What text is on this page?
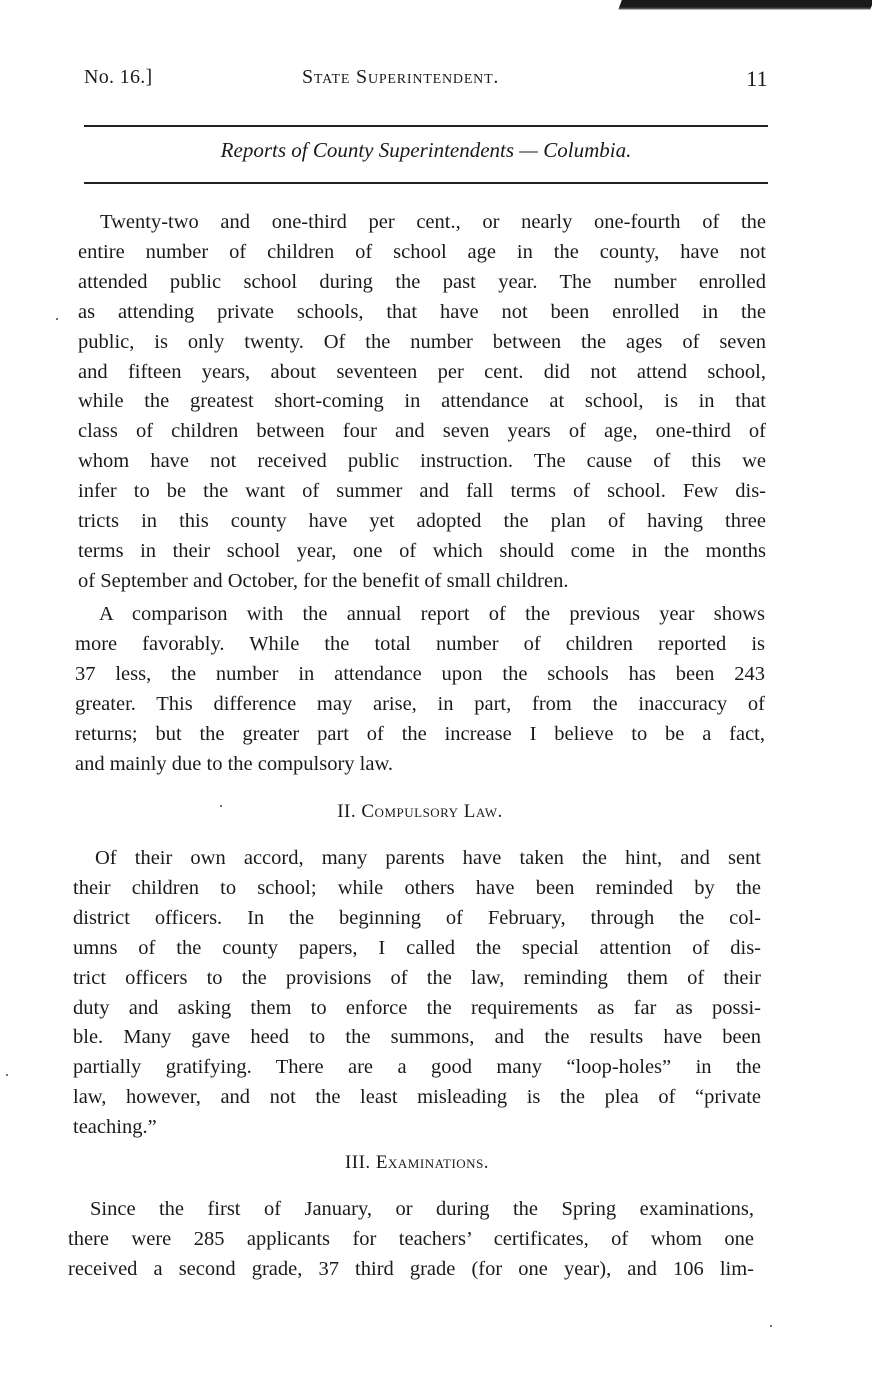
No. 16.]	State Superintendent.	11
Reports of County Superintendents — Columbia.

Twenty-two and one-third per cent., or nearly one-fourth of the
entire number of children of school age in the county, have not
attended public school during the past year. The number enrolled
as attending private schools, that have not been enrolled in the
public, is only twenty. Of the number between the ages of seven
and fifteen years, about seventeen per cent. did not attend school,
while the greatest short-coming in attendance at school, is in that
class of children between four and seven years of age, one-third of
whom have not received public instruction. The cause of this we
infer to be the want of summer and fall terms of school. Few dis-
tricts in this county have yet adopted the plan of having three
terms in their school year, one of which should come in the months
of September and October, for the benefit of small children.

A comparison with the annual report of the previous year shows
more favorably. While the total number of children reported is
37 less, the number in attendance upon the schools has been 243
greater. This difference may arise, in part, from the inaccuracy of
returns; but the greater part of the increase I believe to be a fact,
and mainly due to the compulsory law.

II. Compulsory Law.

Of their own accord, many parents have taken the hint, and sent
their children to school; while others have been reminded by the
district officers. In the beginning of February, through the col-
umns of the county papers, I called the special attention of dis-
trict officers to the provisions of the law, reminding them of their
duty and asking them to enforce the requirements as far as possi-
ble. Many gave heed to the summons, and the results have been
partially gratifying. There are a good many “loop-holes” in the
law, however, and not the least misleading is the plea of “private
teaching.”

III. Examinations.

Since the first of January, or during the Spring examinations,
there were 285 applicants for teachers’ certificates, of whom one
received a second grade, 37 third grade (for one year), and 106 lim-
